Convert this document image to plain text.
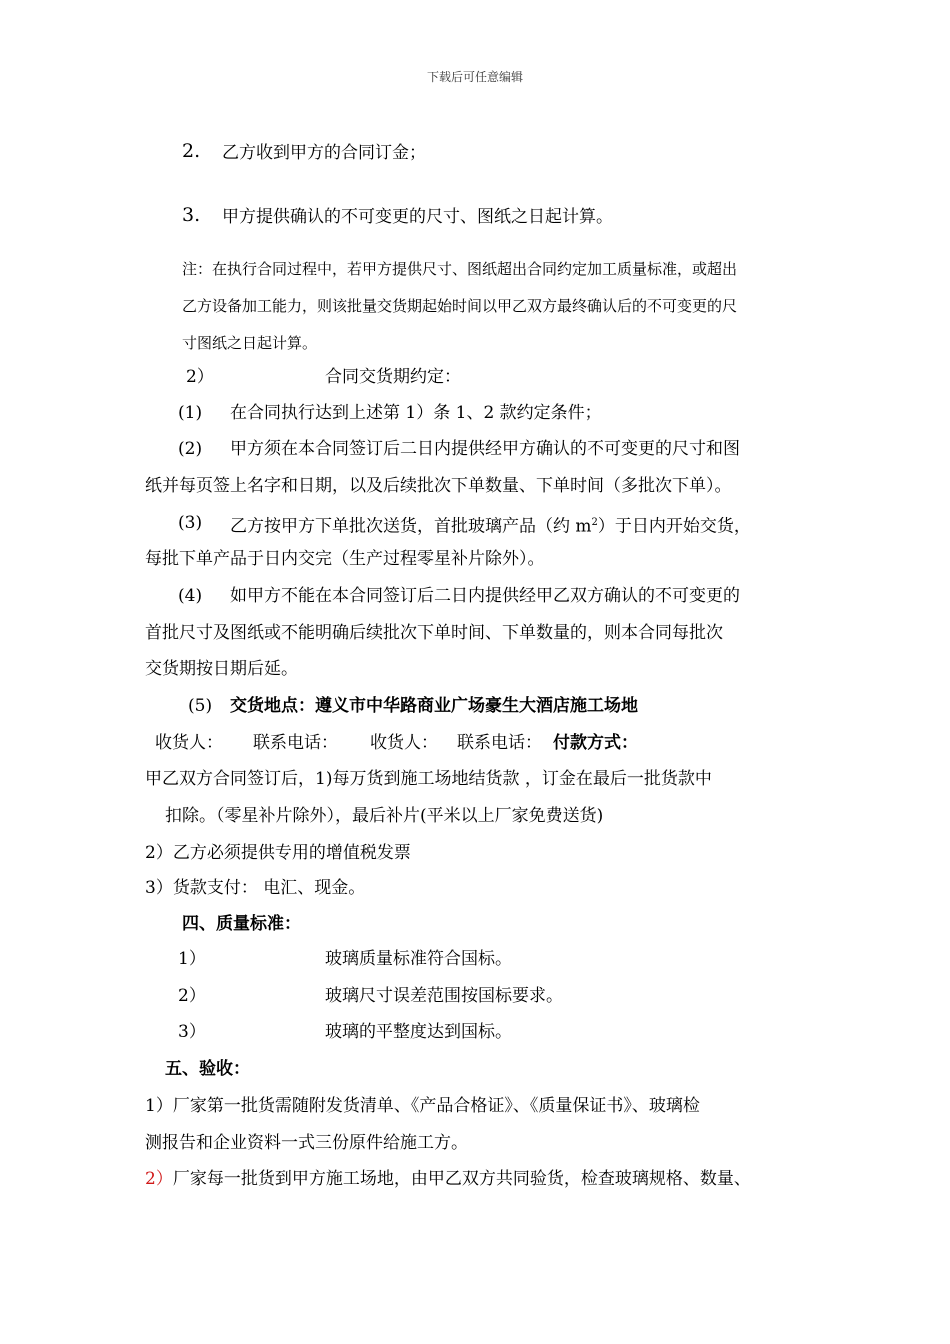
下载后可任意编辑
2. 乙方收到甲方的合同订金；
3. 甲方提供确认的不可变更的尺寸、图纸之日起计算。
注：在执行合同过程中，若甲方提供尺寸、图纸超出合同约定加工质量标准，或超出
乙方设备加工能力，则该批量交货期起始时间以甲乙双方最终确认后的不可变更的尺
寸图纸之日起计算。
2）	合同交货期约定：
(1) 在合同执行达到上述第 1）条 1、2 款约定条件；
(2) 甲方须在本合同签订后二日内提供经甲方确认的不可变更的尺寸和图
纸并每页签上名字和日期，以及后续批次下单数量、下单时间（多批次下单）。
(3) 乙方按甲方下单批次送货，首批玻璃产品（约 $m^2$）于日内开始交货，
每批下单产品于日内交完（生产过程零星补片除外）。
(4) 如甲方不能在本合同签订后二日内提供经甲乙双方确认的不可变更的
首批尺寸及图纸或不能明确后续批次下单时间、下单数量的，则本合同每批次
交货期按日期后延。
(5) 交货地点：遵义市中华路商业广场豪生大酒店施工场地
收货人： 联系电话： 收货人： 联系电话： 付款方式：
甲乙双方合同签订后，1)每万货到施工场地结货款 ，订金在最后一批货款中
扣除。（零星补片除外），最后补片(平米以上厂家免费送货)
2）乙方必须提供专用的增值税发票
3）货款支付： 电汇、现金。
四、质量标准：
1）	玻璃质量标准符合国标。
2）	玻璃尺寸误差范围按国标要求。
3）	玻璃的平整度达到国标。
五、验收：
1）厂家第一批货需随附发货清单、《产品合格证》、《质量保证书》、玻璃检
测报告和企业资料一式三份原件给施工方。
2）厂家每一批货到甲方施工场地，由甲乙双方共同验货，检查玻璃规格、数量、
